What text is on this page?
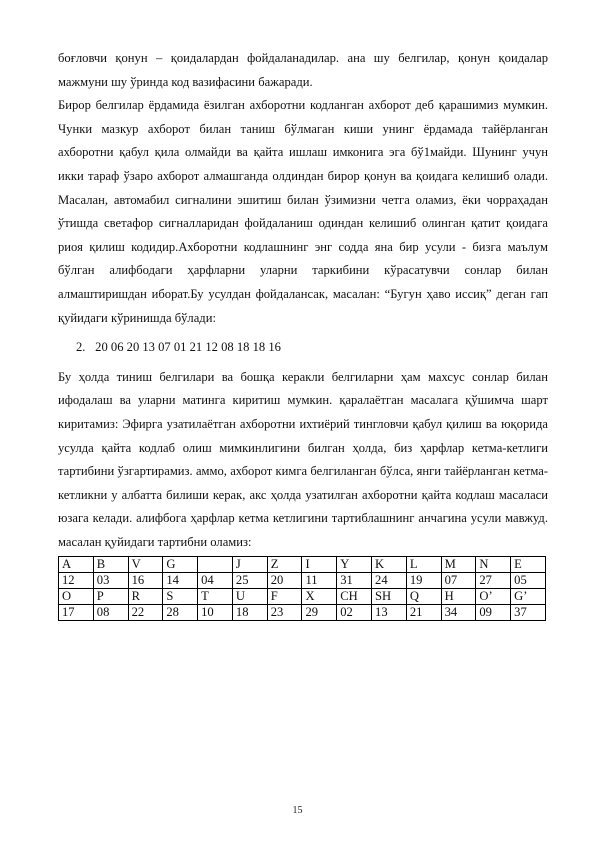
боғловчи қонун – қоидалардан фойдаланадилар. ана шу белгилар, қонун қоидалар мажмуни шу ўринда код вазифасини бажаради.

Бирор белгилар ёрдамида ёзилган ахборотни кодланган ахборот деб қарашимиз мумкин. Чунки мазкур ахборот билан таниш бўлмаган киши унинг ёрдамада тайёрланган ахборотни қабул қила олмайди ва қайта ишлаш имконига эга бў1майди. Шунинг учун икки тараф ўзаро ахборот алмашганда олдиндан бирор қонун ва қоидага келишиб олади. Масалан, автомабил сигналини эшитиш билан ўзимизни четга оламиз, ёки чорраҳадан ўтишда светафор сигналларидан фойдаланиш одиндан келишиб олинган қатит қоидага риоя қилиш кодидир.Ахборотни кодлашнинг энг содда яна бир усули - бизга маълум бўлган алифбодаги ҳарфларни уларни таркибини кўрасатувчи сонлар билан алмаштиришдан иборат.Бу усулдан фойдалансак, масалан: “Бугун ҳаво иссиқ” деган гап қуйидаги кўринишда бўлади:

2. 20 06 20 13 07 01 21 12 08 18 18 16

Бу ҳолда тиниш белгилари ва бошқа керакли белгиларни ҳам махсус сонлар билан ифодалаш ва уларни матинга киритиш мумкин. қаралаётган масалага қўшимча шарт киритамиз: Эфирга узатилаётган ахборотни ихтиёрий тингловчи қабул қилиш ва юқорида усулда қайта кодлаб олиш мимкинлигини билган ҳолда, биз ҳарфлар кетма-кетлиги тартибини ўзгартирамиз. аммо, ахборот кимга белгиланган бўлса, янги тайёрланган кетма-кетликни у албатта билиши керак, акс ҳолда узатилган ахборотни қайта кодлаш масаласи юзага келади. алифбога ҳарфлар кетма кетлигини тартиблашнинг анчагина усули мавжуд. масалан қуйидаги тартибни оламиз:

A	B	V	G		J	Z	I	Y	K	L	M	N	E
12	03	16	14	04	25	20	11	31	24	19	07	27	05
O	P	R	S	T	U	F	X	CH	SH	Q	H	O’	G’
17	08	22	28	10	18	23	29	02	13	21	34	09	37
15
